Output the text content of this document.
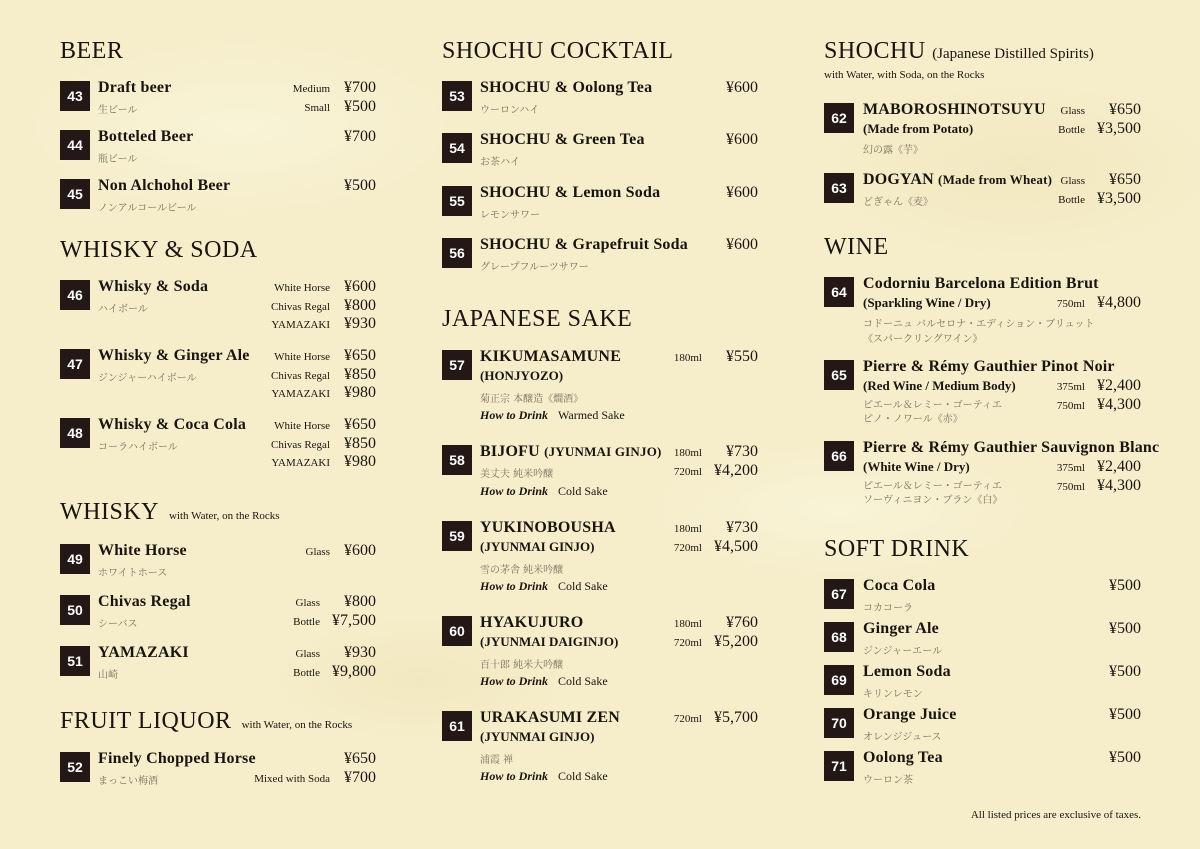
BEER
43 Draft beer
生ビール
Medium ¥700
Small ¥500
44 Botteled Beer
瓶ビール
¥700
45 Non Alchohol Beer
ノンアルコールビール
¥500
WHISKY & SODA
46 Whisky & Soda
ハイボール
White Horse ¥600
Chivas Regal ¥800
YAMAZAKI ¥930
47 Whisky & Ginger Ale
ジンジャーハイボール
White Horse ¥650
Chivas Regal ¥850
YAMAZAKI ¥980
48 Whisky & Coca Cola
コーラハイボール
White Horse ¥650
Chivas Regal ¥850
YAMAZAKI ¥980
WHISKY with Water, on the Rocks
49 White Horse
ホワイトホース
Glass ¥600
50 Chivas Regal
シーバス
Glass ¥800
Bottle ¥7,500
51 YAMAZAKI
山崎
Glass ¥930
Bottle ¥9,800
FRUIT LIQUOR with Water, on the Rocks
52 Finely Chopped Horse
まっこい梅酒
¥650
Mixed with Soda ¥700
SHOCHU COCKTAIL
53 SHOCHU & Oolong Tea
ウーロンハイ
¥600
54 SHOCHU & Green Tea
お茶ハイ
¥600
55 SHOCHU & Lemon Soda
レモンサワー
¥600
56 SHOCHU & Grapefruit Soda
グレープフルーツサワー
¥600
JAPANESE SAKE
57 KIKUMASAMUNE
(HONJYOZO)
菊正宗 本醸造《燗酒》
How to Drink Warmed Sake
180ml ¥550
58 BIJOFU (JYUNMAI GINJO)
美丈夫 純米吟醸
How to Drink Cold Sake
180ml ¥730
720ml ¥4,200
59 YUKINOBOUSHA
(JYUNMAI GINJO)
雪の茅舎 純米吟醸
How to Drink Cold Sake
180ml ¥730
720ml ¥4,500
60 HYAKUJURO
(JYUNMAI DAIGINJO)
百十郎 純米大吟醸
How to Drink Cold Sake
180ml ¥760
720ml ¥5,200
61 URAKASUMI ZEN
(JYUNMAI GINJO)
浦霞 禅
How to Drink Cold Sake
720ml ¥5,700
SHOCHU (Japanese Distilled Spirits)
with Water, with Soda, on the Rocks
62	MABOROSHINOTSUYU
(Made from Potato)
幻の露《芋》
Glass ¥650
Bottle ¥3,500
63	DOGYAN (Made from Wheat)
どぎゃん《麦》
Glass ¥650
Bottle ¥3,500
WINE
64	Codorniu Barcelona Edition Brut
(Sparkling Wine / Dry)
コドーニュ バルセロナ・エディション・ブリュット
《スパークリングワイン》
750ml ¥4,800
65	Pierre & Rémy Gauthier Pinot Noir
(Red Wine / Medium Body)
ピエール＆レミー・ゴーティエ
ピノ・ノワール《赤》
375ml ¥2,400
750ml ¥4,300
66	Pierre & Rémy Gauthier Sauvignon Blanc
(White Wine / Dry)
ピエール＆レミー・ゴーティエ
ソーヴィニヨン・ブラン《白》
375ml ¥2,400
750ml ¥4,300
SOFT DRINK
67	Coca Cola
コカコーラ
¥500
68	Ginger Ale
ジンジャーエール
¥500
69	Lemon Soda
キリンレモン
¥500
70	Orange Juice
オレンジジュース
¥500
71	Oolong Tea
ウーロン茶
¥500
All listed prices are exclusive of taxes.
